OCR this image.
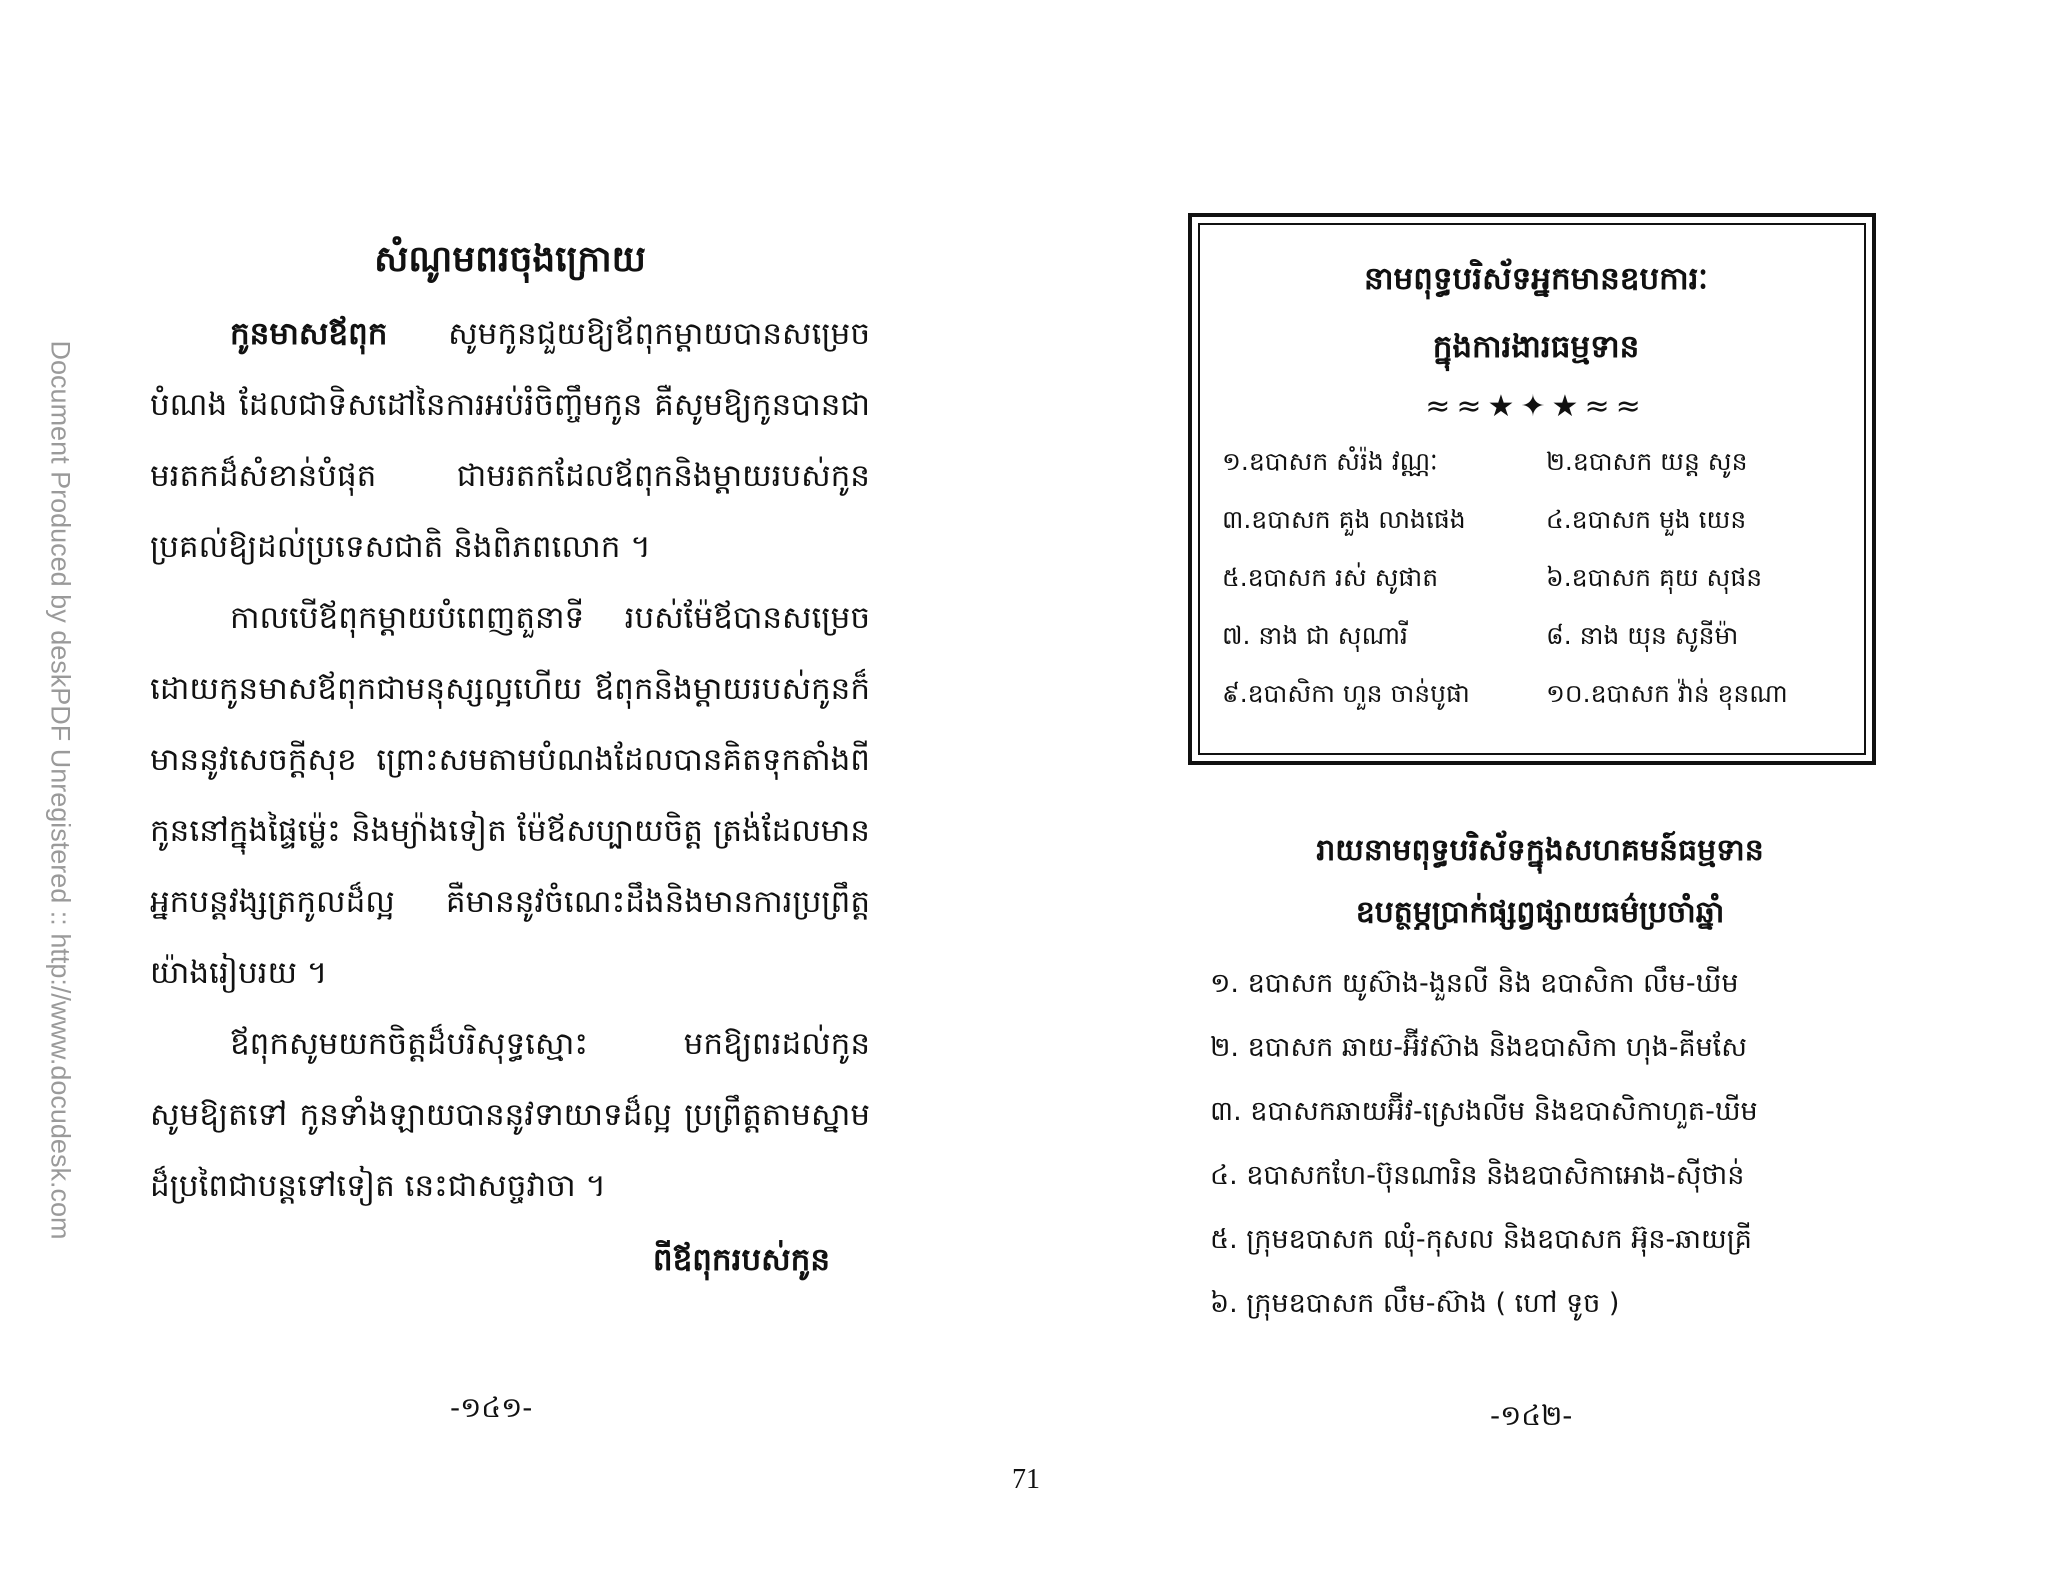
Document Produced by deskPDF Unregistered :: http://www.docudesk.com
សំណូមពរចុងក្រោយ

កូនមាសឪពុក សូមកូនជួយឱ្យឪពុកម្ដាយបានសម្រេចបំណង ដែលជាទិសដៅនៃការអប់រំចិញ្ចឹមកូន គឺសូមឱ្យកូនបានជាមរតកដ៏សំខាន់បំផុត ជាមរតកដែលឪពុកនិងម្ដាយរបស់កូន ប្រគល់ឱ្យដល់ប្រទេសជាតិ និងពិភពលោក ។

កាលបើឪពុកម្ដាយបំពេញតួនាទី របស់ម៉ែឪបានសម្រេច ដោយកូនមាសឪពុកជាមនុស្សល្អហើយ ឪពុកនិងម្ដាយរបស់កូនក៏មាននូវសេចក្ដីសុខ ព្រោះសមតាមបំណងដែលបានគិតទុកតាំងពីកូននៅក្នុងផ្ទៃម្ល៉េះ និងម្យ៉ាងទៀត ម៉ែឪសប្បាយចិត្ត ត្រង់ដែលមានអ្នកបន្តវង្សត្រកូលដ៏ល្អ គឺមាននូវចំណេះដឹងនិងមានការប្រព្រឹត្តយ៉ាងរៀបរយ ។

ឪពុកសូមយកចិត្តដ៏បរិសុទ្ធស្មោះ មកឱ្យពរដល់កូនសូមឱ្យតទៅ កូនទាំងឡាយបាននូវទាយាទដ៏ល្អ ប្រព្រឹត្តតាមស្នាមដ៏ប្រពៃជាបន្តទៅទៀត នេះជាសច្ចវាចា ។

ពីឪពុករបស់កូន
-១៤១-
នាមពុទ្ធបរិស័ទអ្នកមានឧបការៈ
ក្នុងការងារធម្មទាន
≈≈★✦★≈≈
១.ឧបាសក សំរ៉ង វណ្ណៈ	២.ឧបាសក យន្ត សូន
៣.ឧបាសក គួង លាងផេង	៤.ឧបាសក មួង យេន
៥.ឧបាសក រស់ សូផាត	៦.ឧបាសក គុយ សុផន
៧. នាង ជា សុណារី	៨. នាង យុន សូនីម៉ា
៩.ឧបាសិកា ហួន ចាន់បូផា	១០.ឧបាសក វ៉ាន់ ខុនណា
រាយនាមពុទ្ធបរិស័ទក្នុងសហគមន៍ធម្មទាន
ឧបត្ថម្ភប្រាក់ផ្សព្វផ្សាយធម៌ប្រចាំឆ្នាំ
១. ឧបាសក យូស៊ាង-ងួនលី និង ឧបាសិកា លឹម-ឃីម
២. ឧបាសក ឆាយ-អ៊ីវស៊ាង និងឧបាសិកា ហុង-គីមសែ
៣. ឧបាសកឆាយអ៊ីវ-ស្រេងលីម និងឧបាសិកាហួត-ឃីម
៤. ឧបាសកហែ-ប៊ុនណារិន និងឧបាសិកាអោង-ស៊ីថាន់
៥. ក្រុមឧបាសក ឈុំ-កុសល និងឧបាសក អ៊ុន-ឆាយគ្រី
៦. ក្រុមឧបាសក លឹម-ស៊ាង ( ហៅ ទូច )
-១៤២-
71
